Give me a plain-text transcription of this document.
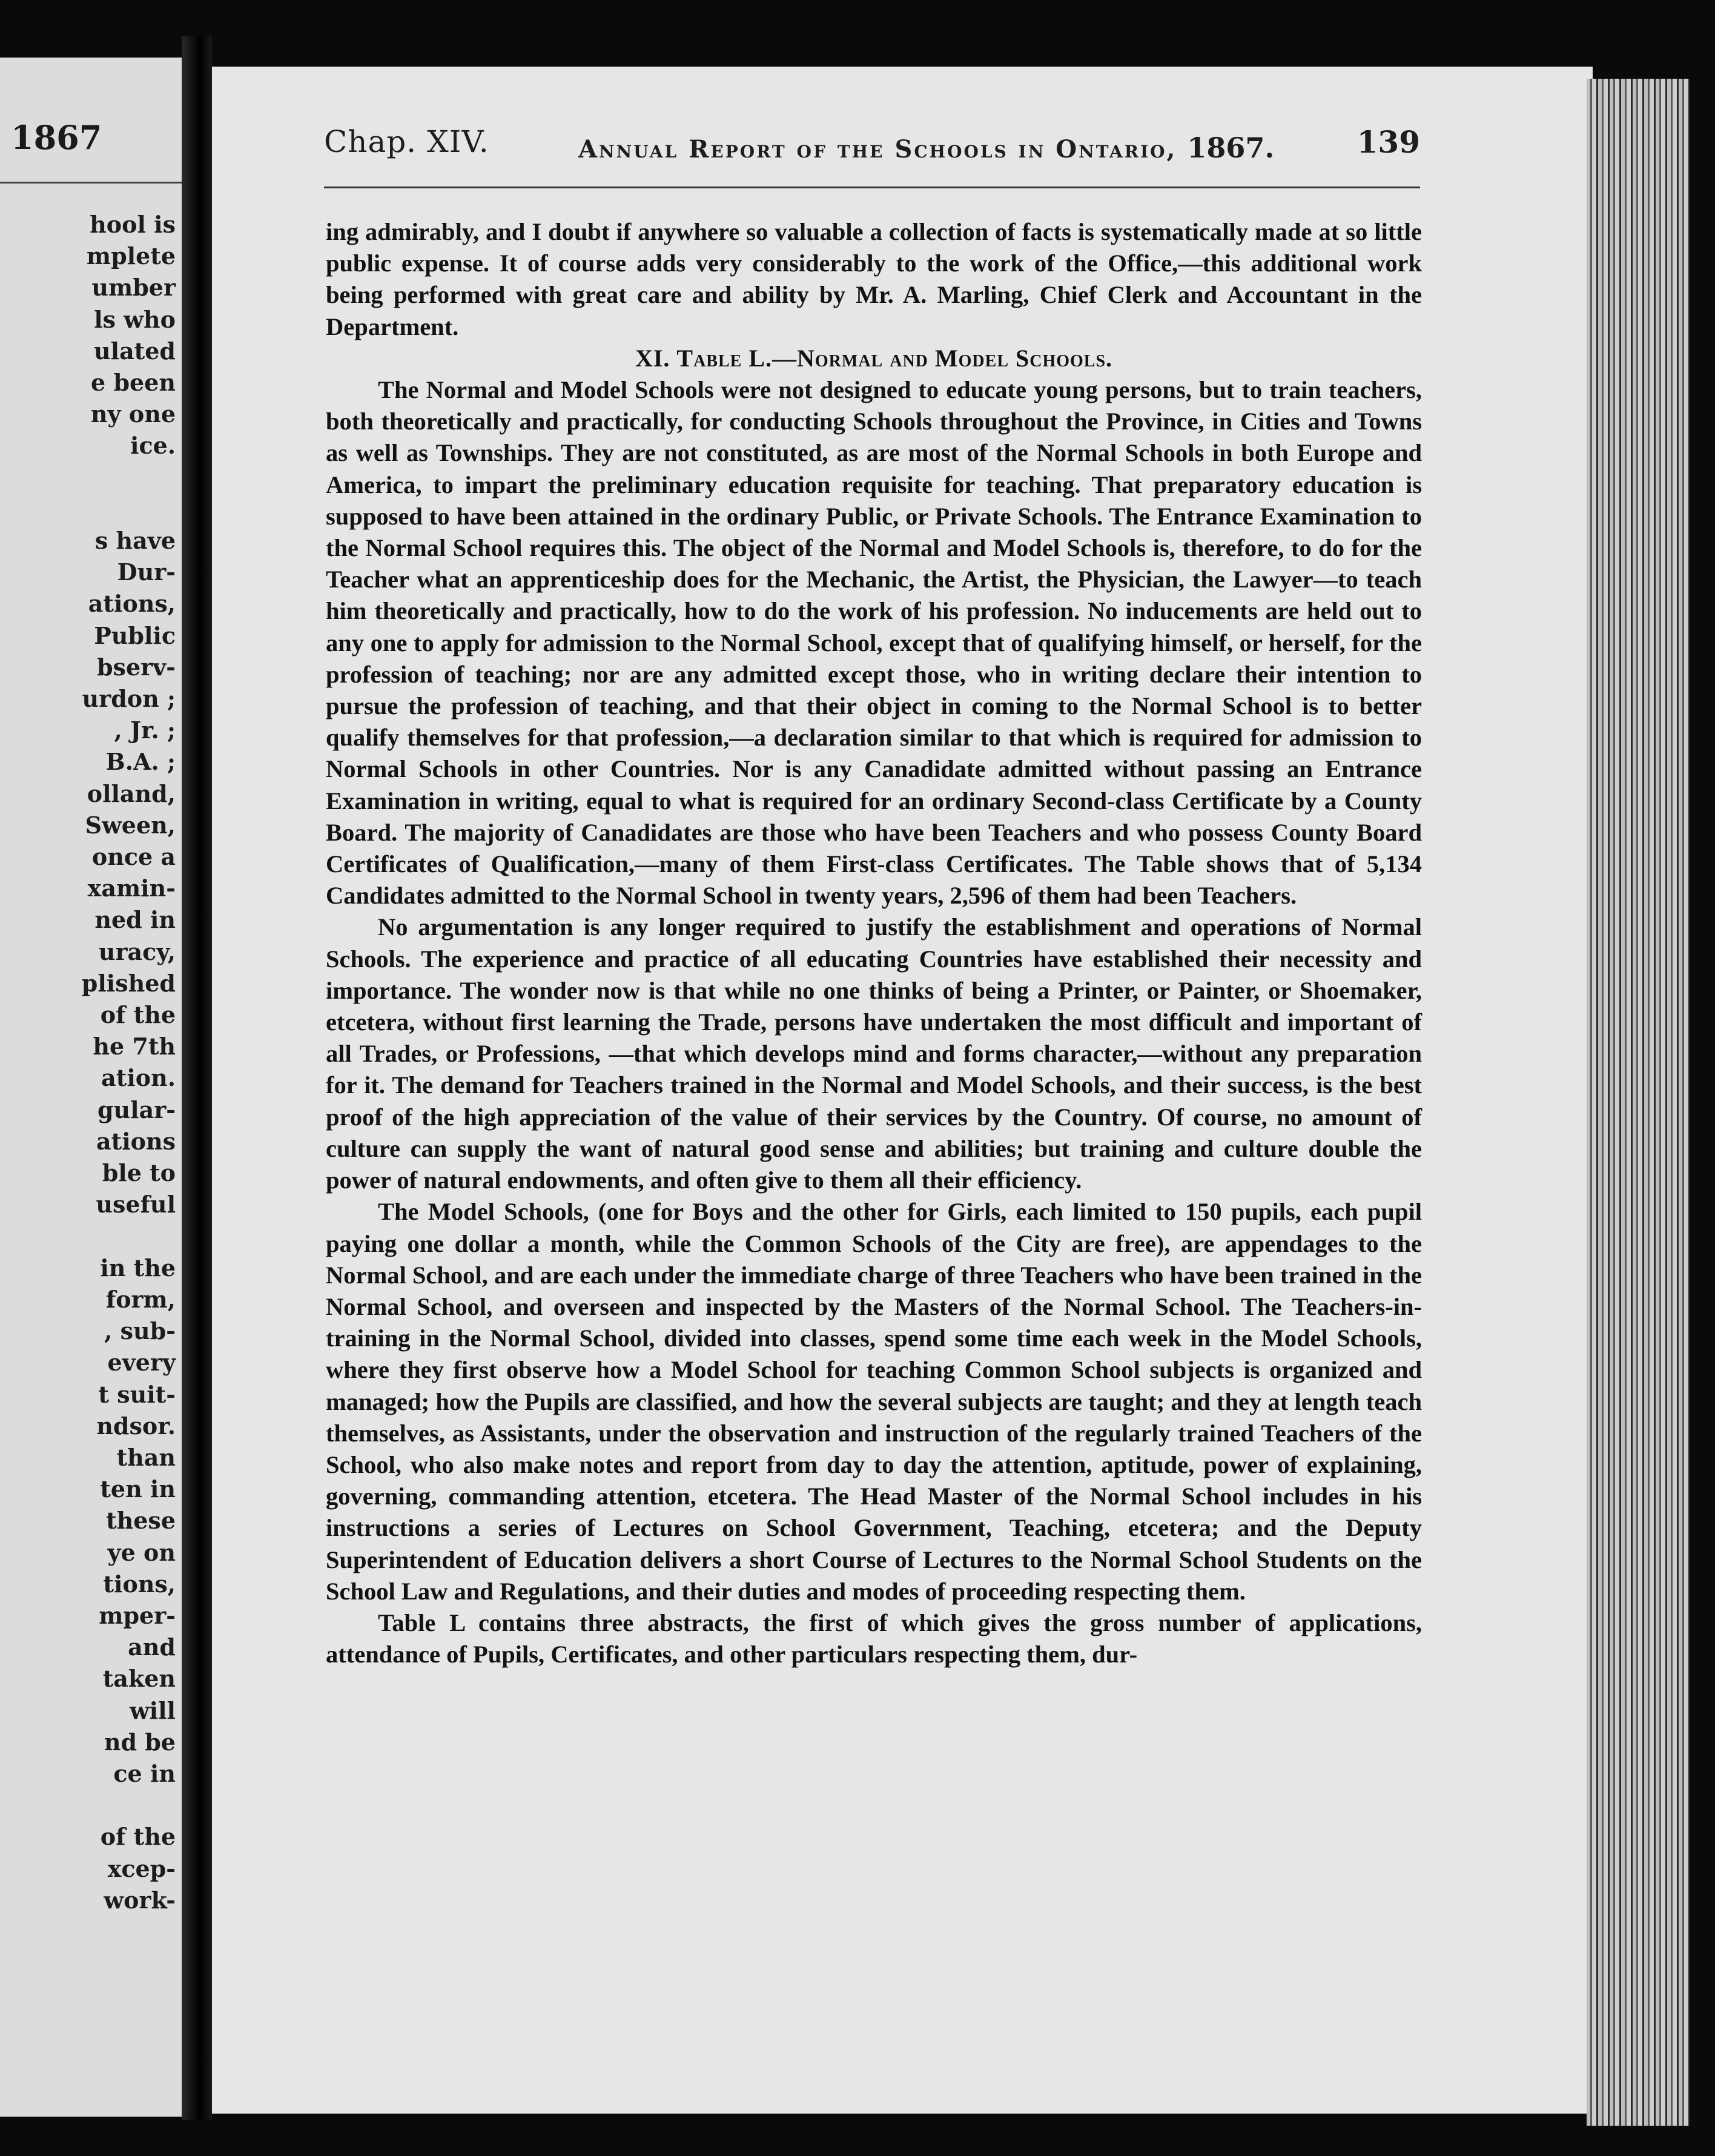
1867
hool is
mplete
umber
ls who
ulated
e been
ny one
ice.

s have
Dur-
ations,
Public
bserv-
urdon ;
, Jr. ;
B.A. ;
olland,
Sween,
once a
xamin-
ned in
uracy,
plished
of the
he 7th
ation.
gular-
ations
ble to
useful

in the
form,
, sub-
every
t suit-
ndsor.
than
ten in
these
ye on
tions,
mper-
and
taken
will
nd be
ce in

of the
xcep-
work-
Chap. XIV.	Annual Report of the Schools in Ontario, 1867.	139

ing admirably, and I doubt if anywhere so valuable a collection of facts is systematically made at so little public expense. It of course adds very considerably to the work of the Office,—this additional work being performed with great care and ability by Mr. A. Marling, Chief Clerk and Accountant in the Department.

XI. Table L.—Normal and Model Schools.

The Normal and Model Schools were not designed to educate young persons, but to train teachers, both theoretically and practically, for conducting Schools throughout the Province, in Cities and Towns as well as Townships. They are not constituted, as are most of the Normal Schools in both Europe and America, to impart the preliminary education requisite for teaching. That preparatory education is supposed to have been attained in the ordinary Public, or Private Schools. The Entrance Examination to the Normal School requires this. The object of the Normal and Model Schools is, therefore, to do for the Teacher what an apprenticeship does for the Mechanic, the Artist, the Physician, the Lawyer—to teach him theoretically and practically, how to do the work of his profession. No inducements are held out to any one to apply for admission to the Normal School, except that of qualifying himself, or herself, for the profession of teaching; nor are any admitted except those, who in writing declare their intention to pursue the profession of teaching, and that their object in coming to the Normal School is to better qualify themselves for that profession,—a declaration similar to that which is required for admission to Normal Schools in other Countries. Nor is any Canadidate admitted without passing an Entrance Examination in writing, equal to what is required for an ordinary Second-class Certificate by a County Board. The majority of Canadidates are those who have been Teachers and who possess County Board Certificates of Qualification,—many of them First-class Certificates. The Table shows that of 5,134 Candidates admitted to the Normal School in twenty years, 2,596 of them had been Teachers.

No argumentation is any longer required to justify the establishment and operations of Normal Schools. The experience and practice of all educating Countries have established their necessity and importance. The wonder now is that while no one thinks of being a Printer, or Painter, or Shoemaker, etcetera, without first learning the Trade, persons have undertaken the most difficult and important of all Trades, or Professions, —that which develops mind and forms character,—without any preparation for it. The demand for Teachers trained in the Normal and Model Schools, and their success, is the best proof of the high appreciation of the value of their services by the Country. Of course, no amount of culture can supply the want of natural good sense and abilities; but training and culture double the power of natural endowments, and often give to them all their efficiency.

The Model Schools, (one for Boys and the other for Girls, each limited to 150 pupils, each pupil paying one dollar a month, while the Common Schools of the City are free), are appendages to the Normal School, and are each under the immediate charge of three Teachers who have been trained in the Normal School, and overseen and inspected by the Masters of the Normal School. The Teachers-in-training in the Normal School, divided into classes, spend some time each week in the Model Schools, where they first observe how a Model School for teaching Common School subjects is organized and managed; how the Pupils are classified, and how the several subjects are taught; and they at length teach themselves, as Assistants, under the observation and instruction of the regularly trained Teachers of the School, who also make notes and report from day to day the attention, aptitude, power of explaining, governing, commanding attention, etcetera. The Head Master of the Normal School includes in his instructions a series of Lectures on School Government, Teaching, etcetera; and the Deputy Superintendent of Education delivers a short Course of Lectures to the Normal School Students on the School Law and Regulations, and their duties and modes of proceeding respecting them.

Table L contains three abstracts, the first of which gives the gross number of applications, attendance of Pupils, Certificates, and other particulars respecting them, dur-
